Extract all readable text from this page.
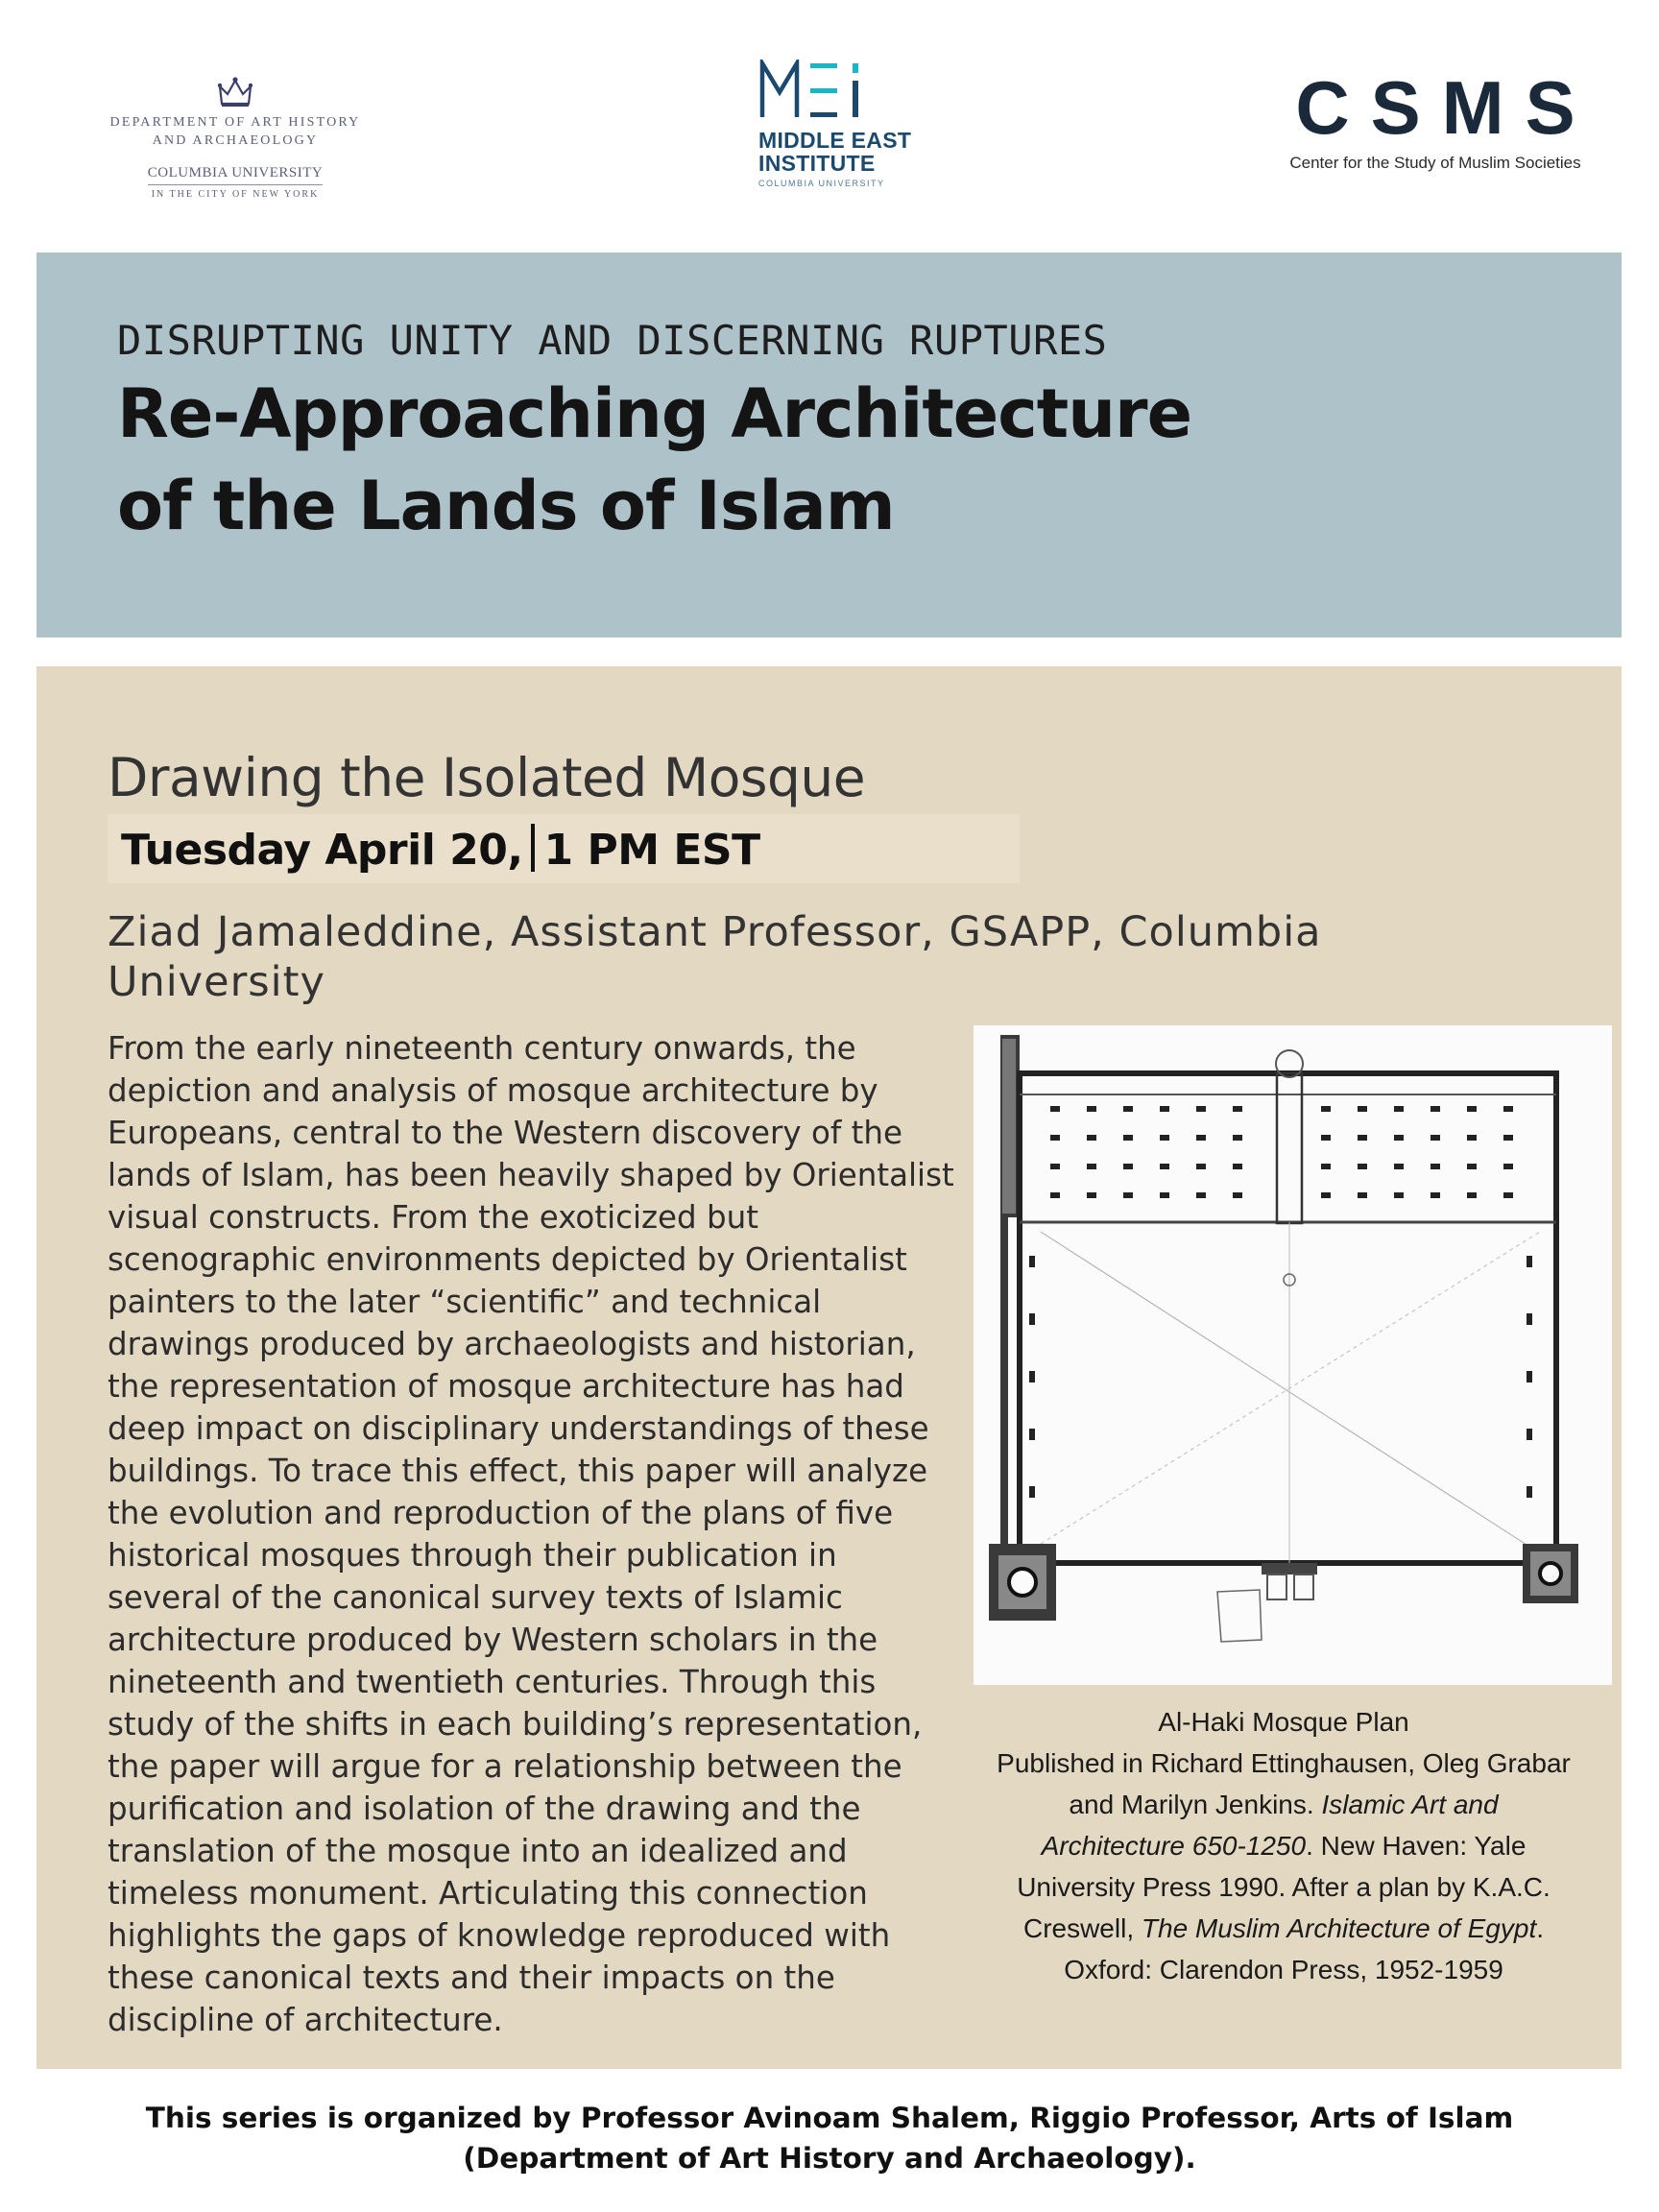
DEPARTMENT OF ART HISTORY
AND ARCHAEOLOGY
COLUMBIA UNIVERSITY
IN THE CITY OF NEW YORK
MIDDLE EAST
INSTITUTE
COLUMBIA UNIVERSITY
CSMS
Center for the Study of Muslim Societies
DISRUPTING UNITY AND DISCERNING RUPTURES
Re-Approaching Architecture
of the Lands of Islam
Drawing the Isolated Mosque
Tuesday April 20, 1 PM EST
Ziad Jamaleddine, Assistant Professor, GSAPP, Columbia
University
From the early nineteenth century onwards, the
depiction and analysis of mosque architecture by
Europeans, central to the Western discovery of the
lands of Islam, has been heavily shaped by Orientalist
visual constructs. From the exoticized but
scenographic environments depicted by Orientalist
painters to the later “scientific” and technical
drawings produced by archaeologists and historian,
the representation of mosque architecture has had
deep impact on disciplinary understandings of these
buildings. To trace this effect, this paper will analyze
the evolution and reproduction of the plans of five
historical mosques through their publication in
several of the canonical survey texts of Islamic
architecture produced by Western scholars in the
nineteenth and twentieth centuries. Through this
study of the shifts in each building’s representation,
the paper will argue for a relationship between the
purification and isolation of the drawing and the
translation of the mosque into an idealized and
timeless monument. Articulating this connection
highlights the gaps of knowledge reproduced with
these canonical texts and their impacts on the
discipline of architecture.
Al-Haki Mosque Plan
Published in Richard Ettinghausen, Oleg Grabar
and Marilyn Jenkins. Islamic Art and
Architecture 650-1250. New Haven: Yale
University Press 1990. After a plan by K.A.C.
Creswell, The Muslim Architecture of Egypt.
Oxford: Clarendon Press, 1952-1959
This series is organized by Professor Avinoam Shalem, Riggio Professor, Arts of Islam (Department of Art History and Archaeology).
